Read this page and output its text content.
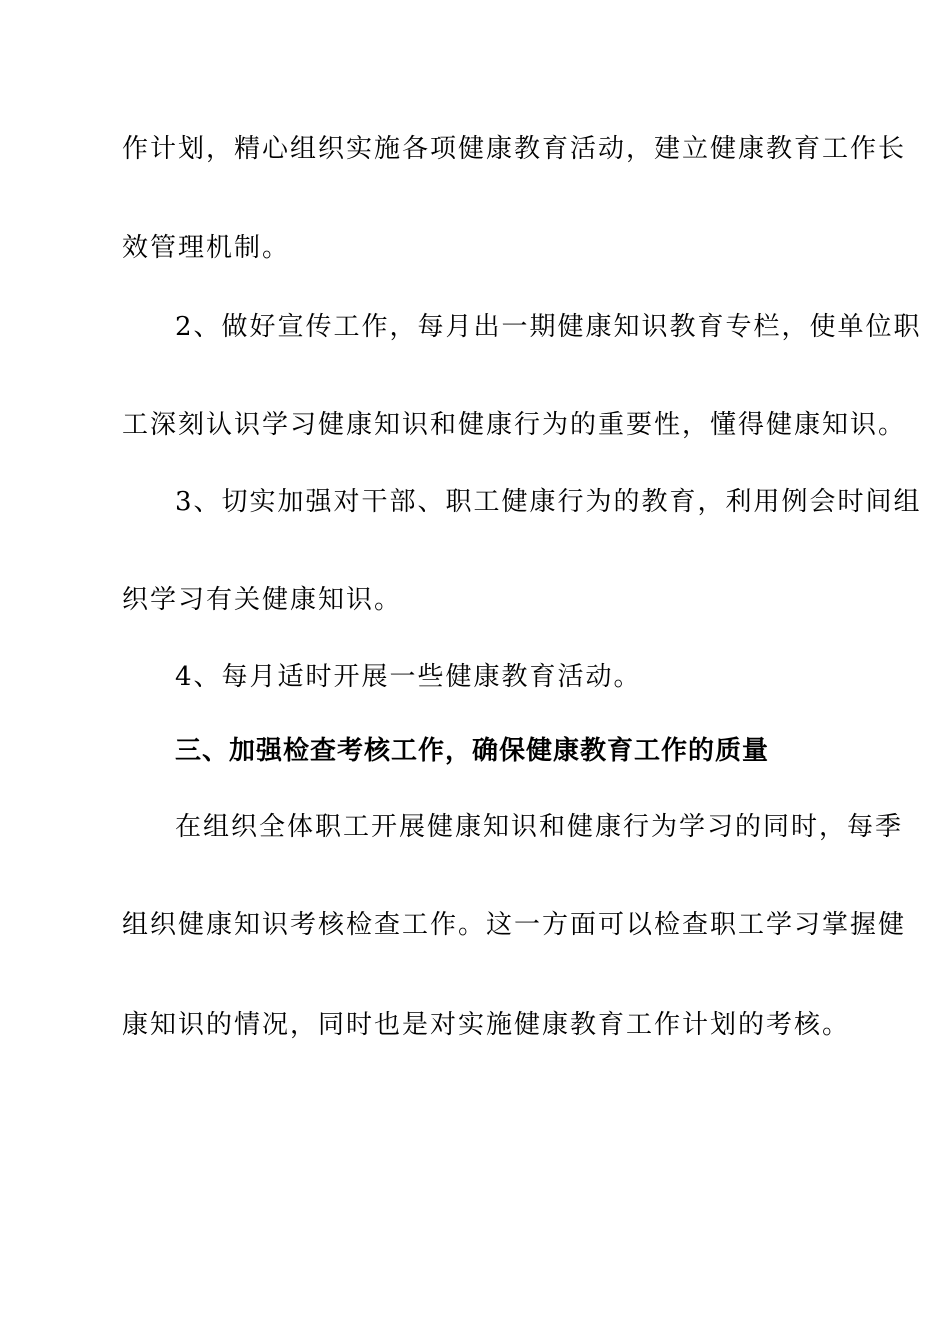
作计划，精心组织实施各项健康教育活动，建立健康教育工作长
效管理机制。
2、做好宣传工作，每月出一期健康知识教育专栏，使单位职
工深刻认识学习健康知识和健康行为的重要性，懂得健康知识。
3、切实加强对干部、职工健康行为的教育，利用例会时间组
织学习有关健康知识。
4、每月适时开展一些健康教育活动。
三、加强检查考核工作，确保健康教育工作的质量
在组织全体职工开展健康知识和健康行为学习的同时，每季
组织健康知识考核检查工作。这一方面可以检查职工学习掌握健
康知识的情况，同时也是对实施健康教育工作计划的考核。
